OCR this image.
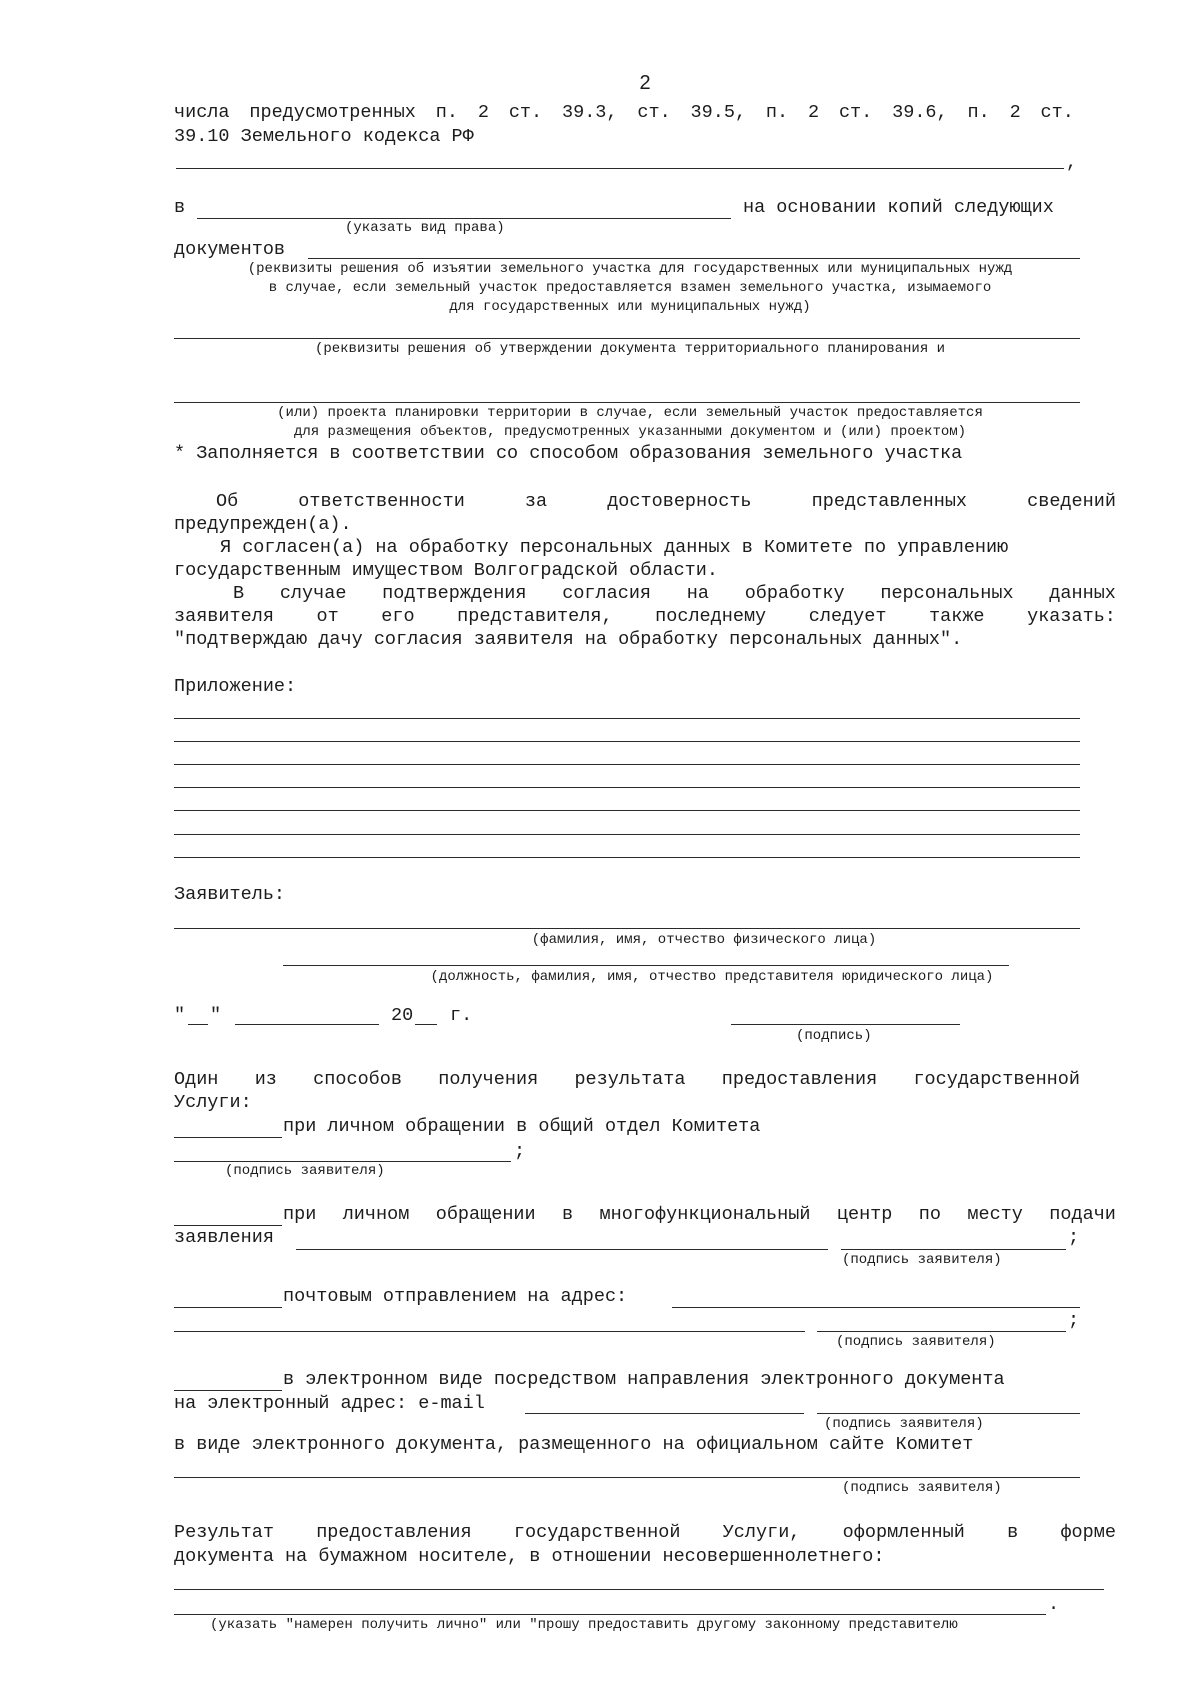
2
числа предусмотренных п. 2 ст. 39.3, ст. 39.5, п. 2 ст. 39.6, п. 2 ст.
39.10 Земельного кодекса РФ
,
в	на основании копий следующих
(указать вид права)
документов
(реквизиты решения об изъятии земельного участка для государственных или муниципальных нужд
в случае, если земельный участок предоставляется взамен земельного участка, изымаемого
для государственных или муниципальных нужд)
(реквизиты решения об утверждении документа территориального планирования и
(или) проекта планировки территории в случае, если земельный участок предоставляется
для размещения объектов, предусмотренных указанными документом и (или) проектом)
* Заполняется в соответствии со способом образования земельного участка
Об	ответственности	за	достоверность	представленных	сведений
предупрежден(а).
Я согласен(а) на обработку персональных данных в Комитете по управлению
государственным имуществом Волгоградской области.
В случае подтверждения согласия на обработку персональных данных
заявителя от его представителя, последнему следует также указать:
"подтверждаю дачу согласия заявителя на обработку персональных данных".
Приложение:
Заявитель:
(фамилия, имя, отчество физического лица)
(должность, фамилия, имя, отчество представителя юридического лица)
" "	20 г.
(подпись)
Один из способов получения результата предоставления государственной
Услуги:
при личном обращении в общий отдел Комитета
;
(подпись заявителя)
при личном обращении в многофункциональный центр по месту подачи
заявления	;
(подпись заявителя)
почтовым отправлением на адрес:
;
(подпись заявителя)
в электронном виде посредством направления электронного документа
на электронный адрес: e-mail
(подпись заявителя)
в виде электронного документа, размещенного на официальном сайте Комитет
(подпись заявителя)
Результат предоставления государственной Услуги, оформленный в форме
документа на бумажном носителе, в отношении несовершеннолетнего:
.
(указать "намерен получить лично" или "прошу предоставить другому законному представителю
